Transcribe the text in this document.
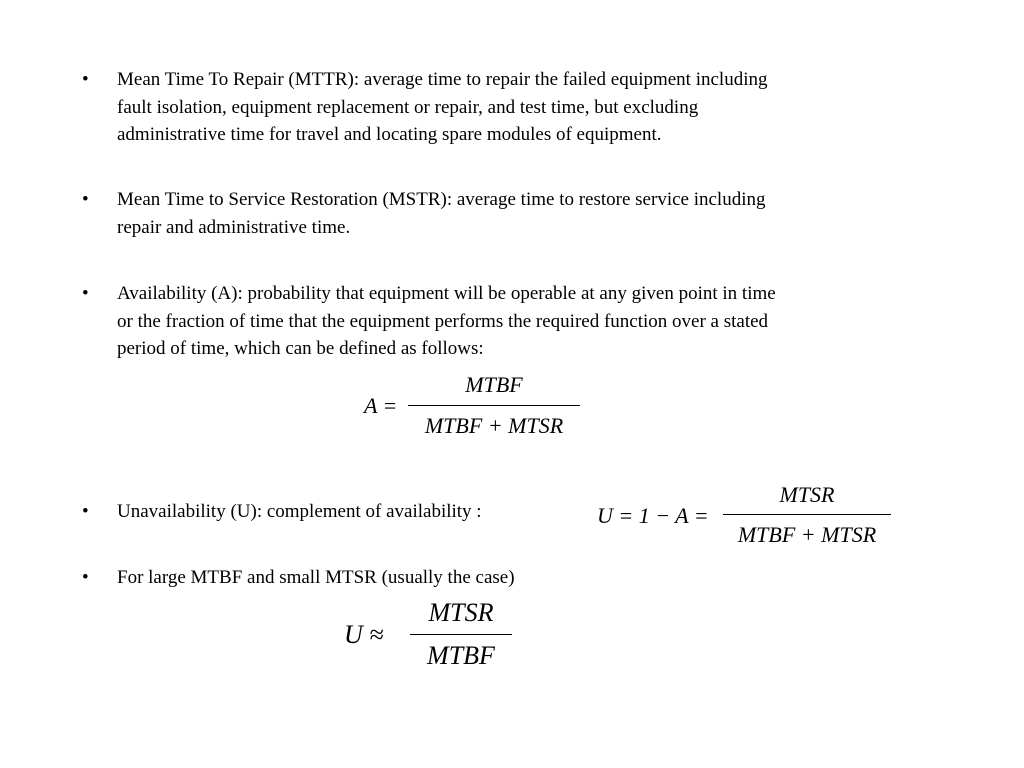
• Mean Time To Repair (MTTR): average time to repair the failed equipment including
fault isolation, equipment replacement or repair, and test time, but excluding
administrative time for travel and locating spare modules of equipment.
• Mean Time to Service Restoration (MSTR): average time to restore service including
repair and administrative time.
• Availability (A): probability that equipment will be operable at any given point in time
or the fraction of time that the equipment performs the required function over a stated
period of time, which can be defined as follows:
A =
MTBF
MTBF + MTSR
• Unavailability (U): complement of availability :	U = 1 − A =
MTSR
MTBF + MTSR
• For large MTBF and small MTSR (usually the case)
U ≈
MTSR
MTBF
